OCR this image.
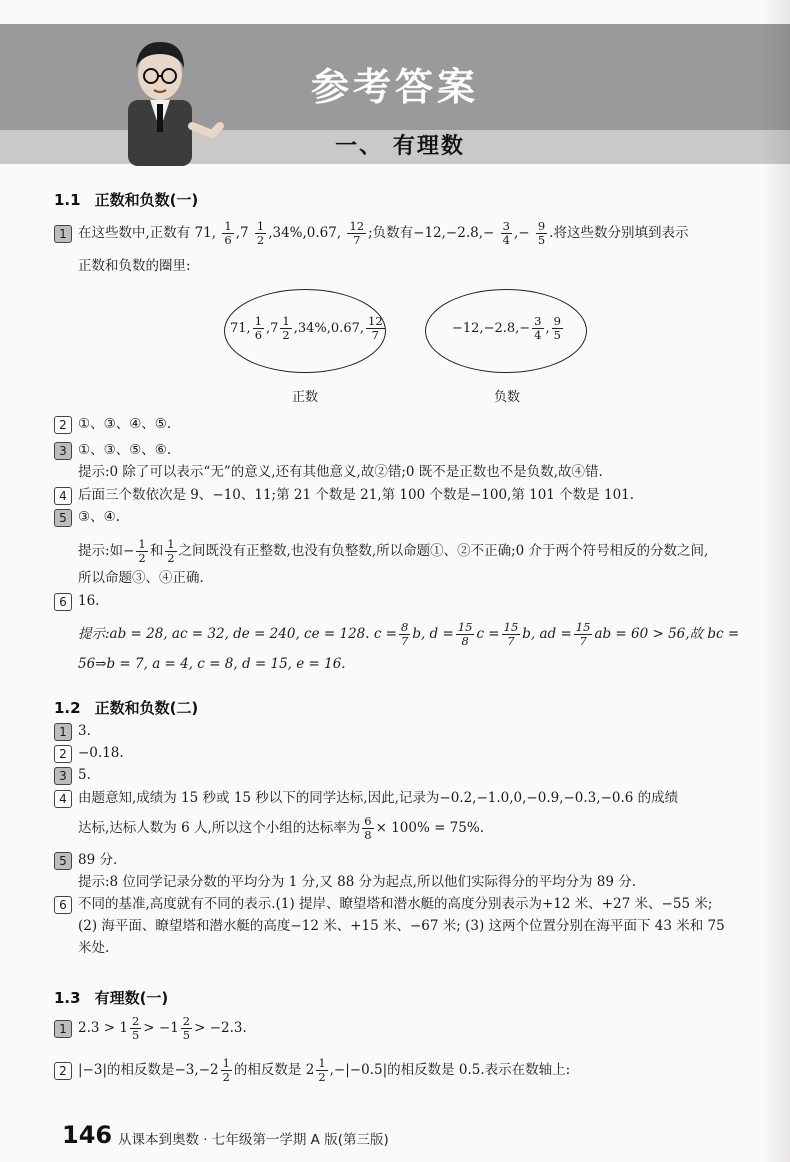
参考答案
一、 有理数
1.1 正数和负数(一)
1 在这些数中,正数有 71, $\frac{1}{6} ,7 \frac{1}{2} ,34\%,0.67$, $\frac{12}{7}$ ;负数有$-12,-2.8,- \frac{3}{4}$ ,− $\frac{9}{5}$ .将这些数分别填到表示
正数和负数的圈里:
71, $\frac{1}{6} ,7 \frac{1}{2} ,34\%,0.67$, $\frac{12}{7}$
正数
$-12,-2.8,- \frac{3}{4}$ , $\frac{9}{5}$
负数
2 ①、③、④、⑤.
3 ①、③、⑤、⑥.
提示:0 除了可以表示“无”的意义,还有其他意义,故②错;0 既不是正数也不是负数,故④错.
4 后面三个数依次是 9、−10、11;第 21 个数是 21,第 100 个数是−100,第 101 个数是 101.
5 ③、④.
提示:如− $\frac{1}{2}$ 和 $\frac{1}{2}$ 之间既没有正整数,也没有负整数,所以命题①、②不正确;0 介于两个符号相反的分数之间,
所以命题③、④正确.
6 16.
提示:ab = 28, ac = 32, de = 240, ce = 128. $c = \frac{8}{7} b$, $d = \frac{15}{8}$ $c = \frac{15}{7} b$, ad = $\frac{15}{7}$ ab = 60 > 56,故 bc =
56⇒b = 7, a = 4, c = 8, d = 15, e = 16.
1.2 正数和负数(二)
1 3.
2 −0.18.
3 5.
4 由题意知,成绩为 15 秒或 15 秒以下的同学达标,因此,记录为−0.2,−1.0,0,−0.9,−0.3,−0.6 的成绩
达标,达标人数为 6 人,所以这个小组的达标率为 $\frac{6}{8} \times 100\% = 75\%$.
5 89 分.
提示:8 位同学记录分数的平均分为 1 分,又 88 分为起点,所以他们实际得分的平均分为 89 分.
6 不同的基准,高度就有不同的表示.(1) 提岸、瞭望塔和潜水艇的高度分别表示为+12 米、+27 米、−55 米;
(2) 海平面、瞭望塔和潜水艇的高度−12 米、+15 米、−67 米; (3) 这两个位置分别在海平面下 43 米和 75
米处.
1.3 有理数(一)
1 $2.3 > 1 \frac{2}{5} > -1 \frac{2}{5} > -2.3$.
2 |−3|的相反数是$-3,-2 \frac{1}{2}$ 的相反数是 $2 \frac{1}{2} ,-|-0.5|$的相反数是 0.5.表示在数轴上:
146 从课本到奥数 · 七年级第一学期 A 版(第三版)
